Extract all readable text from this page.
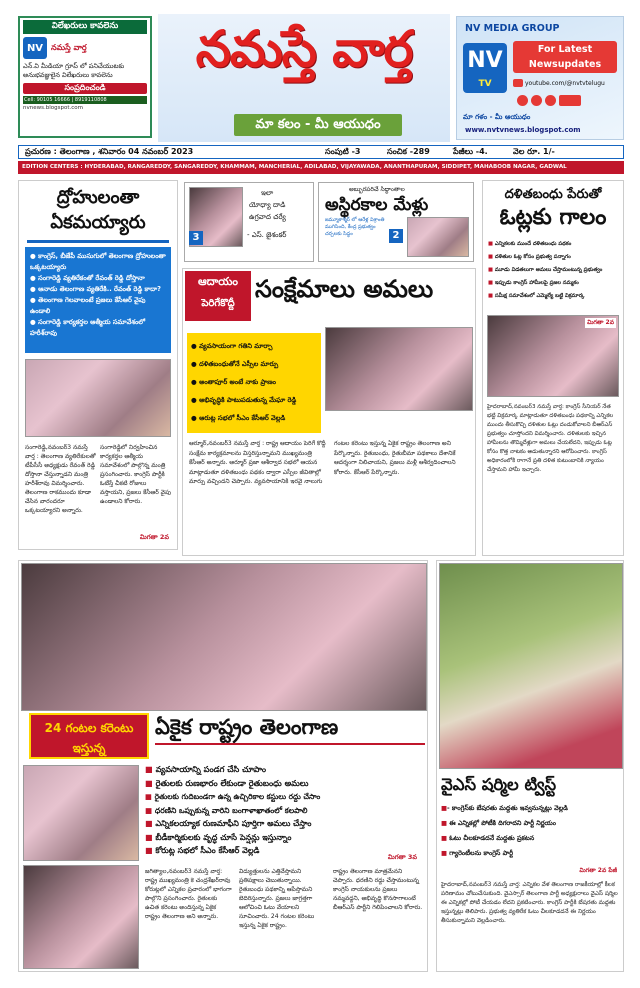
విలేఖరులు కావలెను
NV నమస్తే వార్త
ఎన్.వి మీడియా గ్రూప్ లో పనిచేయుటకు అనుభవజ్ఞులైన విలేఖరులు కావలెను
సంప్రదించండి
Cell: 90105 16666 | 8919110808
nvnews.blogspot.com
నమస్తే వార్త
మా కలం - మీ ఆయుధం
NV MEDIA GROUP
NV
TV
For Latest
Newsupdates
youtube.com/@nvtvtelugu
మా గళం - మీ ఆయుధం
www.nvtvnews.blogspot.com
ప్రచురణ : తెలంగాణ , శనివారం 04 నవంబర్ 2023	సంపుటి -3	సంచిక -289	పేజీలు -4.	వెల రూ. 1/-
EDITION CENTERS : HYDERABAD, RANGAREDDY, SANGAREDDY, KHAMMAM, MANCHERIAL, ADILABAD, VIJAYAWADA, ANANTHAPURAM, SIDDIPET, MAHABOOB NAGAR, GADWAL
ద్రోహులంతా
ఏకమయ్యారు
● కాంగ్రెస్, బీజేపీ ముసుగులో తెలంగాణ ద్రోహులంతా ఒక్కటయ్యారు
● సంగారెడ్డి వ్యతిరేకంతో రేవంత్ రెడ్డి దోస్తానా
● ఆనాడు తెలంగాణ వ్యతిరేకి.. రేవంత్ రెడ్డి కాదా?
● తెలంగాణ గెలవాలంటే ప్రజలు కేసీఆర్ వైపు ఉండాలి
● సంగారెడ్డి కార్యకర్తల ఆత్మీయ సమావేశంలో హరీశ్‌రావు
సంగారెడ్డి,నవంబర్3 నమస్తే వార్త : తెలంగాణ వ్యతిరేకులతో టీపీసీసీ అధ్యక్షుడు రేవంత్ రెడ్డి దోస్తానా చేస్తున్నాడని మంత్రి హరీశ్‌రావు విమర్శించారు. తెలంగాణ రాకముందు కూడా చేసిన వారందరూ ఒక్కటయ్యారని అన్నారు.
సంగారెడ్డిలో నిర్వహించిన కార్యకర్తల ఆత్మీయ సమావేశంలో పాల్గొన్న మంత్రి ప్రసంగించారు. కాంగ్రెస్ పార్టీకి ఓటేస్తే చీకటి రోజులు వస్తాయని, ప్రజలు కేసీఆర్ వైపు ఉండాలని కోరారు.
మిగతా 2వ
3
ఇలా
యోధ్యా దాడి
ఉగ్రవాద చర్యే
- ఎస్. జైశంకర్
అబ్బురపరిచే సిద్ధాంతాల
అస్థిరకాల మేళ్లు
జమ్మూకాశ్మీర్‌ లో ఆరేళ్ల విశ్రాంతి ముగిసింది, కేంద్ర ప్రభుత్వం చర్చలకు సిద్ధం	2
ఆదాయం
పెరిగేకొద్దీ
సంక్షేమాలు అమలు
● వ్యవసాయంగా గతిని మార్చా
● దళితబంధుతోనే ఎస్సీల మార్పు
● అంతాపూర్ అంటే నాకు ప్రాణం
● అభివృద్ధికి పాటుపడుతున్న మేఘా రెడ్డి
● ఆరుట్ల సభలో సీఎం కేసీఆర్ వెల్లడి
ఆర్మూర్,నవంబర్3 నమస్తే వార్త : రాష్ట్ర ఆదాయం పెరిగే కొద్దీ సంక్షేమ కార్యక్రమాలను విస్తరిస్తున్నామని ముఖ్యమంత్రి కేసీఆర్ అన్నారు. ఆర్మూర్ ప్రజా ఆశీర్వాద సభలో ఆయన మాట్లాడుతూ దళితబంధు పథకం ద్వారా ఎస్సీల జీవితాల్లో మార్పు వచ్చిందని చెప్పారు. వ్యవసాయానికి ఇరవై నాలుగు గంటల కరెంటు ఇస్తున్న ఏకైక రాష్ట్రం తెలంగాణ అని పేర్కొన్నారు. రైతుబంధు, రైతుబీమా పథకాలు దేశానికే ఆదర్శంగా నిలిచాయని, ప్రజలు మళ్లీ ఆశీర్వదించాలని కోరారు. కేసీఆర్ పేర్కొన్నారు.
దళితబంధు పేరుతో
ఓట్లకు గాలం
■ ఎన్నికలకు ముందే దళితబంధు పథకం
■ దళితుల ఓట్ల కోసం ప్రభుత్వ పన్నాగం
■ మూడు విడతలుగా అమలు చేస్తామంటున్న ప్రభుత్వం
■ ఇప్పుడు కాంగ్రెస్ హామీలపై ప్రజల నమ్మకం
■ సమీక్ష సమావేశంలో ఎమ్మెల్యే బట్టి విక్రమార్క
మిగతా 2వ
హైదరాబాద్,నవంబర్3 నమస్తే వార్త: కాంగ్రెస్ సీనియర్ నేత భట్టి విక్రమార్క మాట్లాడుతూ దళితబంధు పథకాన్ని ఎన్నికల ముందు తీసుకొచ్చి దళితుల ఓట్లు దండుకోవాలని బీఆర్ఎస్ ప్రభుత్వం చూస్తోందని విమర్శించారు. దళితులకు ఇచ్చిన హామీలను తొమ్మిదేళ్లుగా అమలు చేయలేదని, ఇప్పుడు ఓట్ల కోసం కొత్త నాటకం ఆడుతున్నారని ఆరోపించారు. కాంగ్రెస్ అధికారంలోకి రాగానే ప్రతి దళిత కుటుంబానికి న్యాయం చేస్తామని హామీ ఇచ్చారు.
24 గంటల కరెంటు ఇస్తున్న
ఏకైక రాష్ట్రం తెలంగాణ
■ వ్యవసాయాన్ని పండగ చేసి చూపాం
■ రైతులకు రుణభారం లేకుండా రైతుబంధు అమలు
■ రైతులకు గుదిబండగా ఉన్న ఉచ్చిరికాల కస్టులు రద్దు చేసాం
■ ధరణిని ఒప్పుకున్న వారిని బంగాళాఖాతంలో కలపాలి
■ ఎన్నికలయ్యాక రుణమాఫీని పూర్తిగా అమలు చేస్తాం
■ బీడీకార్మికులకు వృద్ధ చూసే పెన్షన్లు ఇస్తున్నాం
■ కోరుట్ల సభలో సీఎం కేసీఆర్ వెల్లడి
మిగతా 3వ
జగిత్యాల,నవంబర్3 నమస్తే వార్త: రాష్ట్ర ముఖ్యమంత్రి కె చంద్రశేఖర్‌రావు కోరుట్లలో ఎన్నికల ప్రచారంలో భాగంగా పాల్గొని ప్రసంగించారు. రైతులకు ఉచిత కరెంటు అందిస్తున్న ఏకైక రాష్ట్రం తెలంగాణ అని అన్నారు.
విద్యుత్తులను ఎత్తివేస్తామని ప్రతిపక్షాలు చెబుతున్నాయి. రైతుబంధు పథకాన్ని ఆపేస్తామని బెదిరిస్తున్నారు. ప్రజలు జాగ్రత్తగా ఆలోచించి ఓటు వేయాలని సూచించారు. 24 గంటల కరెంటు ఇస్తున్న ఏకైక రాష్ట్రం.
రాష్ట్రం తెలంగాణ మాత్రమేనని చెప్పారు. ధరణిని రద్దు చేస్తామంటున్న కాంగ్రెస్ నాయకులను ప్రజలు నమ్మవద్దని, అభివృద్ధి కొనసాగాలంటే బీఆర్ఎస్ పార్టీని గెలిపించాలని కోరారు.
వైఎస్ షర్మిల ట్విస్ట్
■- కాంగ్రెస్‌కు బేషరతు మద్దతు ఇవ్వనున్నట్లు వెల్లడి
■ ఈ ఎన్నికల్లో పోటీకి దిగరాదని పార్టీ నిర్ణయం
■ ఓటు చీలకూడదనే మద్దతు ప్రకటన
■ గ్యారెంటీలను కాంగ్రెస్ పార్టీ
మిగతా 2వ పేజీ
హైదరాబాద్,నవంబర్3 నమస్తే వార్త: ఎన్నికల వేళ తెలంగాణ రాజకీయాల్లో కీలక పరిణామం చోటుచేసుకుంది. వైఎస్సార్ తెలంగాణ పార్టీ అధ్యక్షురాలు వైఎస్ షర్మిల ఈ ఎన్నికల్లో పోటీ చేయడం లేదని ప్రకటించారు. కాంగ్రెస్ పార్టీకి బేషరతు మద్దతు ఇస్తున్నట్లు తెలిపారు. ప్రభుత్వ వ్యతిరేక ఓటు చీలకూడదనే ఈ నిర్ణయం తీసుకున్నామని వెల్లడించారు.
